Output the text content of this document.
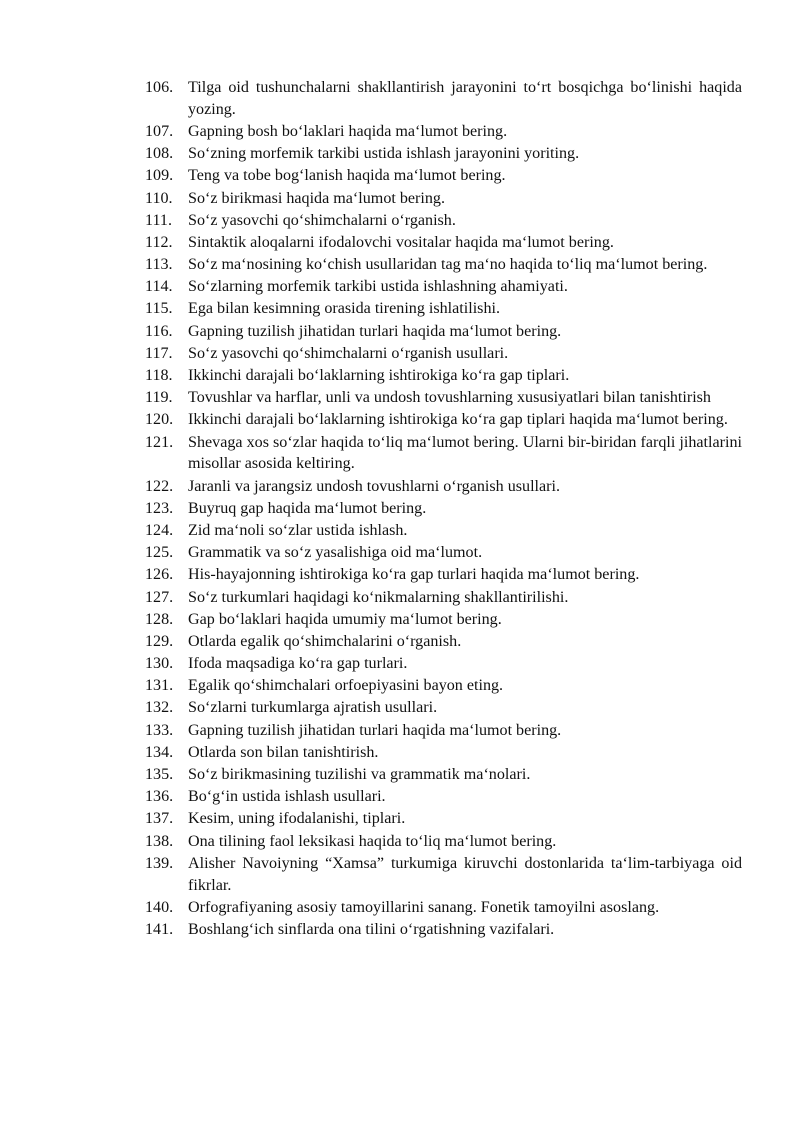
106. Tilga oid tushunchalarni shakllantirish jarayonini to‘rt bosqichga bo‘linishi haqida yozing.
107. Gapning bosh bo‘laklari haqida ma‘lumot bering.
108. So‘zning morfemik tarkibi ustida ishlash jarayonini yoriting.
109. Teng va tobe bog‘lanish haqida ma‘lumot bering.
110. So‘z birikmasi haqida ma‘lumot bering.
111. So‘z yasovchi qo‘shimchalarni o‘rganish.
112. Sintaktik aloqalarni ifodalovchi vositalar haqida ma‘lumot bering.
113. So‘z ma‘nosining ko‘chish usullaridan tag ma‘no haqida to‘liq ma‘lumot bering.
114. So‘zlarning morfemik tarkibi ustida ishlashning ahamiyati.
115. Ega bilan kesimning orasida tirening ishlatilishi.
116. Gapning tuzilish jihatidan turlari haqida ma‘lumot bering.
117. So‘z yasovchi qo‘shimchalarni o‘rganish usullari.
118. Ikkinchi darajali bo‘laklarning ishtirokiga ko‘ra gap tiplari.
119. Tovushlar va harflar, unli va undosh tovushlarning xususiyatlari bilan tanishtirish
120. Ikkinchi darajali bo‘laklarning ishtirokiga ko‘ra gap tiplari haqida ma‘lumot bering.
121. Shevaga xos so‘zlar haqida to‘liq ma‘lumot bering. Ularni bir-biridan farqli jihatlarini misollar asosida keltiring.
122. Jaranli va jarangsiz undosh tovushlarni o‘rganish usullari.
123. Buyruq gap haqida ma‘lumot bering.
124. Zid ma‘noli so‘zlar ustida ishlash.
125. Grammatik va so‘z yasalishiga oid ma‘lumot.
126. His-hayajonning ishtirokiga ko‘ra gap turlari haqida ma‘lumot bering.
127. So‘z turkumlari haqidagi ko‘nikmalarning shakllantirilishi.
128. Gap bo‘laklari haqida umumiy ma‘lumot bering.
129. Otlarda egalik qo‘shimchalarini o‘rganish.
130. Ifoda maqsadiga ko‘ra gap turlari.
131. Egalik qo‘shimchalari orfoepiyasini bayon eting.
132. So‘zlarni turkumlarga ajratish usullari.
133. Gapning tuzilish jihatidan turlari haqida ma‘lumot bering.
134. Otlarda son bilan tanishtirish.
135. So‘z birikmasining tuzilishi va grammatik ma‘nolari.
136. Bo‘g‘in ustida ishlash usullari.
137. Kesim, uning ifodalanishi, tiplari.
138. Ona tilining faol leksikasi haqida to‘liq ma‘lumot bering.
139. Alisher Navoiyning “Xamsa” turkumiga kiruvchi dostonlarida ta‘lim-tarbiyaga oid fikrlar.
140. Orfografiyaning asosiy tamoyillarini sanang. Fonetik tamoyilni asoslang.
141. Boshlang‘ich sinflarda ona tilini o‘rgatishning vazifalari.
